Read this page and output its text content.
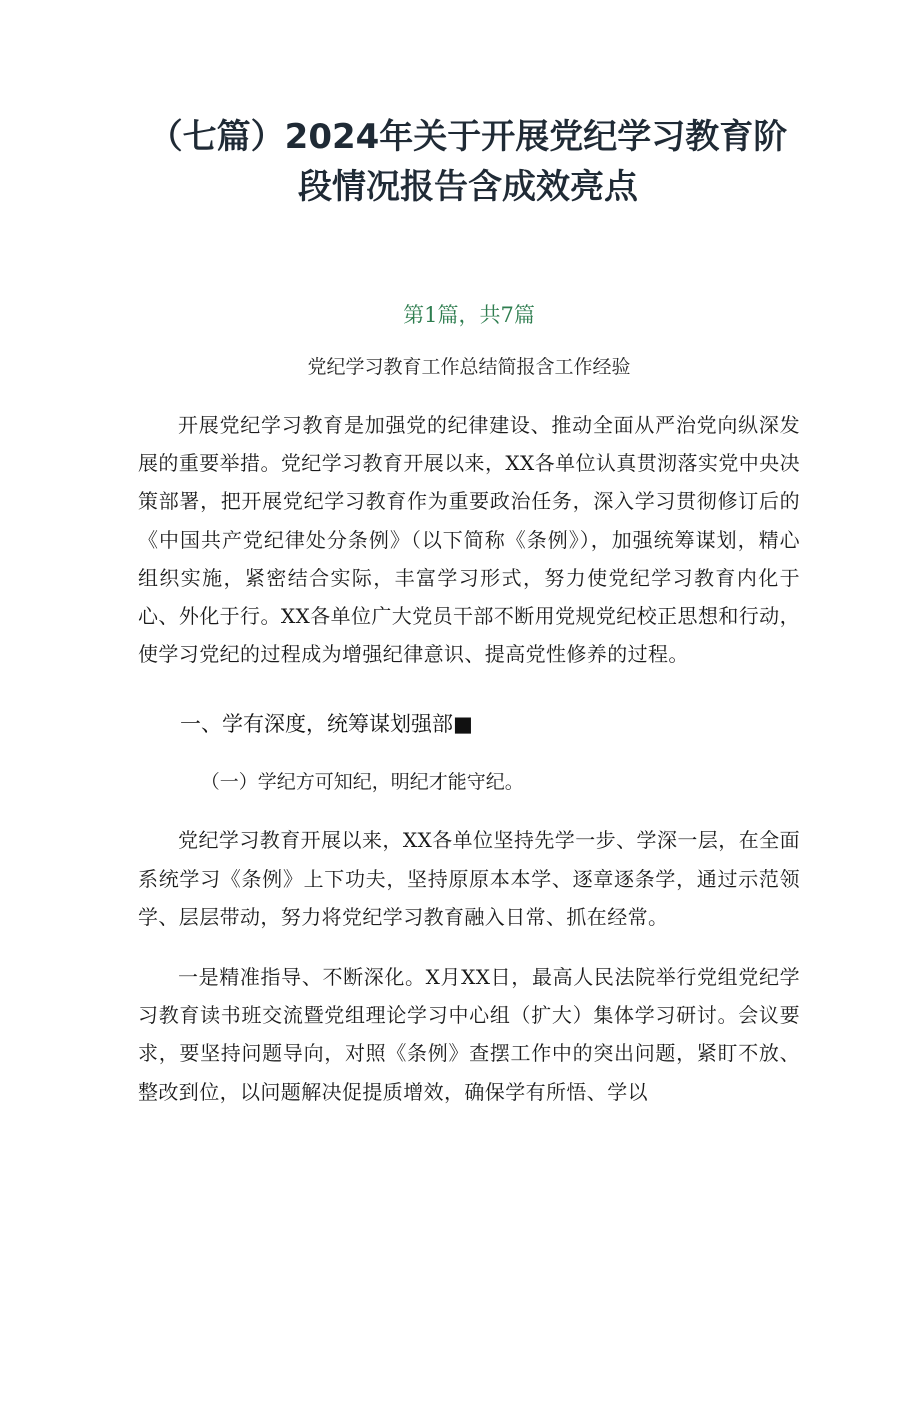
（七篇）2024年关于开展党纪学习教育阶
段情况报告含成效亮点
第1篇，共7篇
党纪学习教育工作总结简报含工作经验

开展党纪学习教育是加强党的纪律建设、推动全面从严治党向纵深发展的重要举措。党纪学习教育开展以来，XX各单位认真贯沏落实党中央决策部署，把开展党纪学习教育作为重要政治任务，深入学习贯彻修订后的《中国共产党纪律处分条例》（以下简称《条例》），加强统筹谋划，精心组织实施，紧密结合实际，丰富学习形式，努力使党纪学习教育内化于心、外化于行。XX各单位广大党员干部不断用党规党纪校正思想和行动，使学习党纪的过程成为增强纪律意识、提高党性修养的过程。

一、学有深度，统筹谋划强部■
（一）学纪方可知纪，明纪才能守纪。

党纪学习教育开展以来，XX各单位坚持先学一步、学深一层，在全面系统学习《条例》上下功夫，坚持原原本本学、逐章逐条学，通过示范领学、层层带动，努力将党纪学习教育融入日常、抓在经常。

一是精准指导、不断深化。X月XX日，最高人民法院举行党组党纪学习教育读书班交流暨党组理论学习中心组（扩大）集体学习研讨。会议要求，要坚持问题导向，对照《条例》查摆工作中的突出问题，紧盯不放、整改到位，以问题解决促提质增效，确保学有所悟、学以
